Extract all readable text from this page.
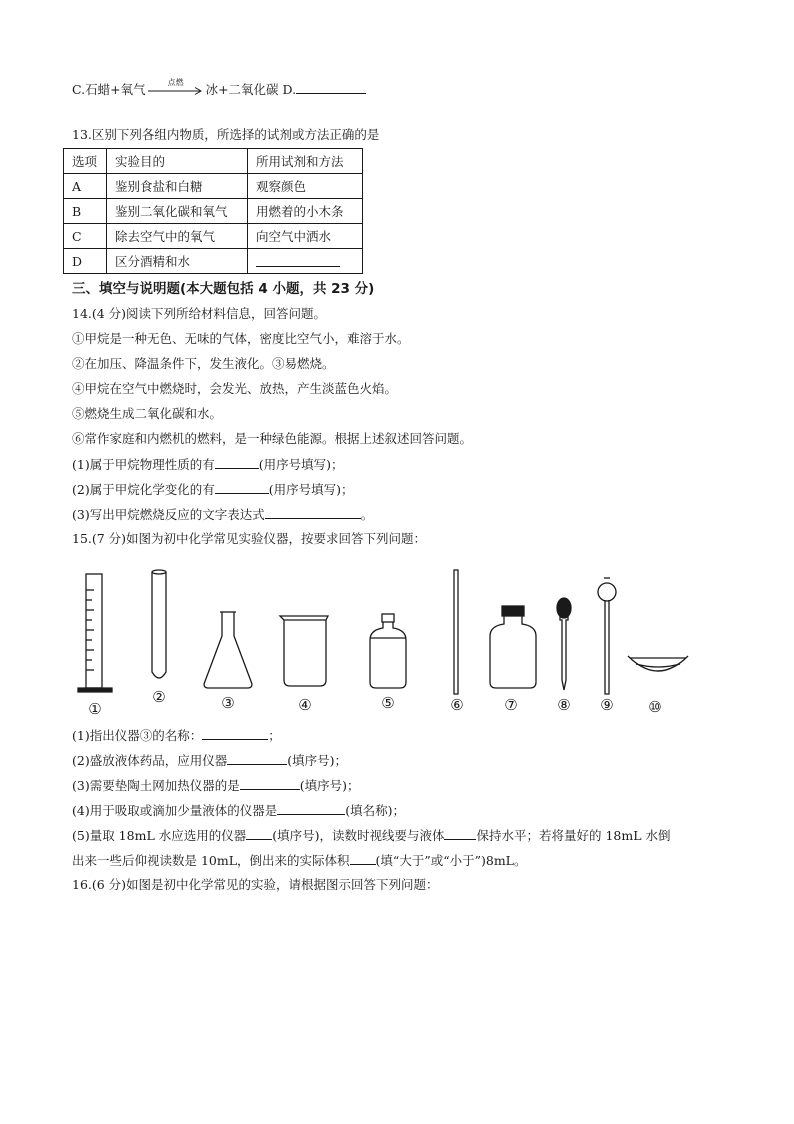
C.石蜡+氧气	点燃	冰+二氧化碳 D.
13.区别下列各组内物质，所选择的试剂或方法正确的是
选项	实验目的	所用试剂和方法
A	鉴别食盐和白糖	观察颜色
B	鉴别二氧化碳和氧气	用燃着的小木条
C	除去空气中的氧气	向空气中洒水
D	区分酒精和水	
三、填空与说明题(本大题包括 4 小题，共 23 分)
14.(4 分)阅读下列所给材料信息，回答问题。
①甲烷是一种无色、无味的气体，密度比空气小，难溶于水。
②在加压、降温条件下，发生液化。③易燃烧。
④甲烷在空气中燃烧时，会发光、放热，产生淡蓝色火焰。
⑤燃烧生成二氧化碳和水。
⑥常作家庭和内燃机的燃料，是一种绿色能源。根据上述叙述回答问题。
(1)属于甲烷物理性质的有	(用序号填写)；
(2)属于甲烷化学变化的有	(用序号填写)；
(3)写出甲烷燃烧反应的文字表达式	。
15.(7 分)如图为初中化学常见实验仪器，按要求回答下列问题：
①
②	③	④	⑤	⑥	⑦	⑧ ⑨ ⑩
(1)指出仪器③的名称：	；
(2)盛放液体药品，应用仪器	(填序号)；
(3)需要垫陶土网加热仪器的是	(填序号)；
(4)用于吸取或滴加少量液体的仪器是	(填名称)；
(5)量取 18mL 水应选用的仪器 (填序号)，读数时视线要与液体	保持水平；若将量好的 18mL 水倒
出来一些后仰视读数是 10mL，倒出来的实际体积 (填“大于”或“小于”)8mL。
16.(6 分)如图是初中化学常见的实验，请根据图示回答下列问题：
